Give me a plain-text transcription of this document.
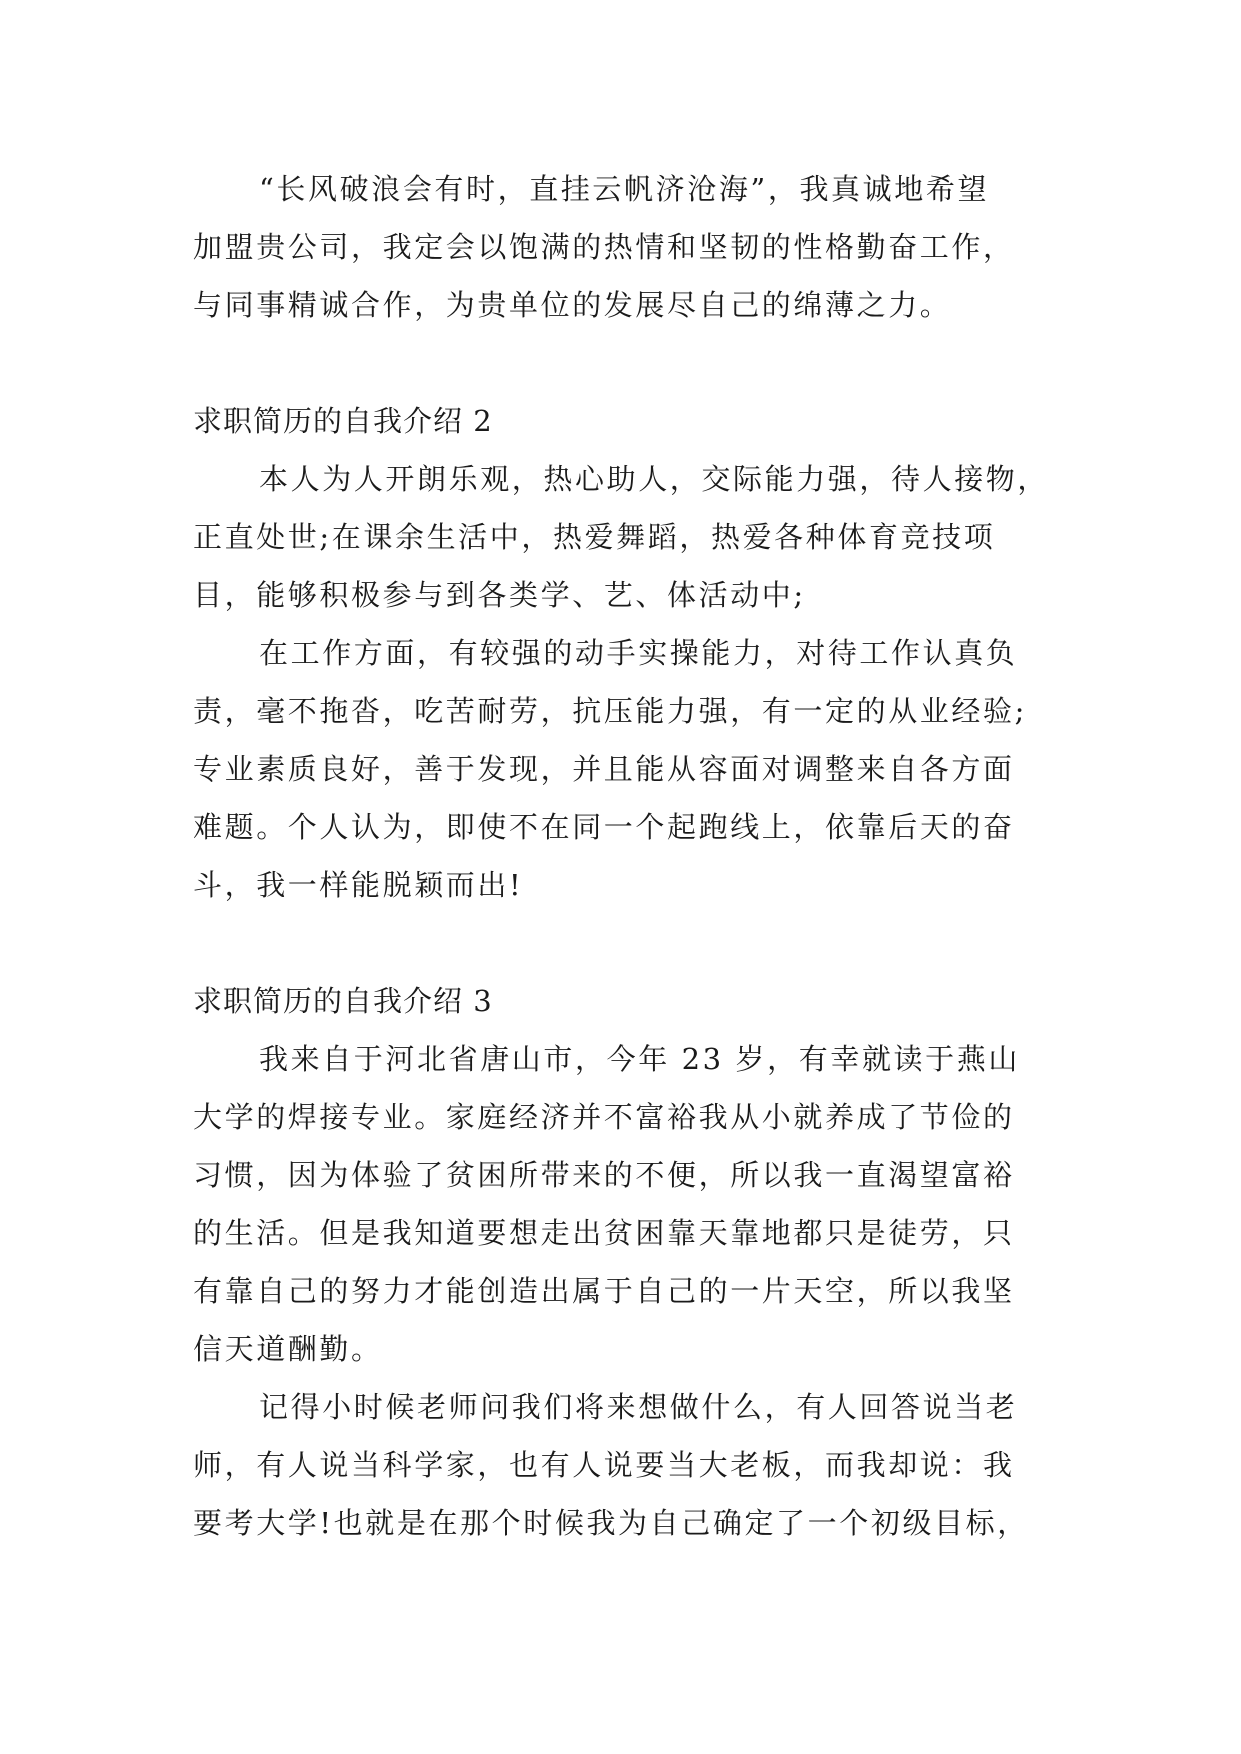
“长风破浪会有时，直挂云帆济沧海”，我真诚地希望
加盟贵公司，我定会以饱满的热情和坚韧的性格勤奋工作，
与同事精诚合作，为贵单位的发展尽自己的绵薄之力。
求职简历的自我介绍 2
本人为人开朗乐观，热心助人，交际能力强，待人接物，
正直处世;在课余生活中，热爱舞蹈，热爱各种体育竞技项
目，能够积极参与到各类学、艺、体活动中;
在工作方面，有较强的动手实操能力，对待工作认真负
责，毫不拖沓，吃苦耐劳，抗压能力强，有一定的从业经验;
专业素质良好，善于发现，并且能从容面对调整来自各方面
难题。个人认为，即使不在同一个起跑线上，依靠后天的奋
斗，我一样能脱颖而出!
求职简历的自我介绍 3
我来自于河北省唐山市，今年 23 岁，有幸就读于燕山
大学的焊接专业。家庭经济并不富裕我从小就养成了节俭的
习惯，因为体验了贫困所带来的不便，所以我一直渴望富裕
的生活。但是我知道要想走出贫困靠天靠地都只是徒劳，只
有靠自己的努力才能创造出属于自己的一片天空，所以我坚
信天道酬勤。
记得小时候老师问我们将来想做什么，有人回答说当老
师，有人说当科学家，也有人说要当大老板，而我却说：我
要考大学!也就是在那个时候我为自己确定了一个初级目标，
